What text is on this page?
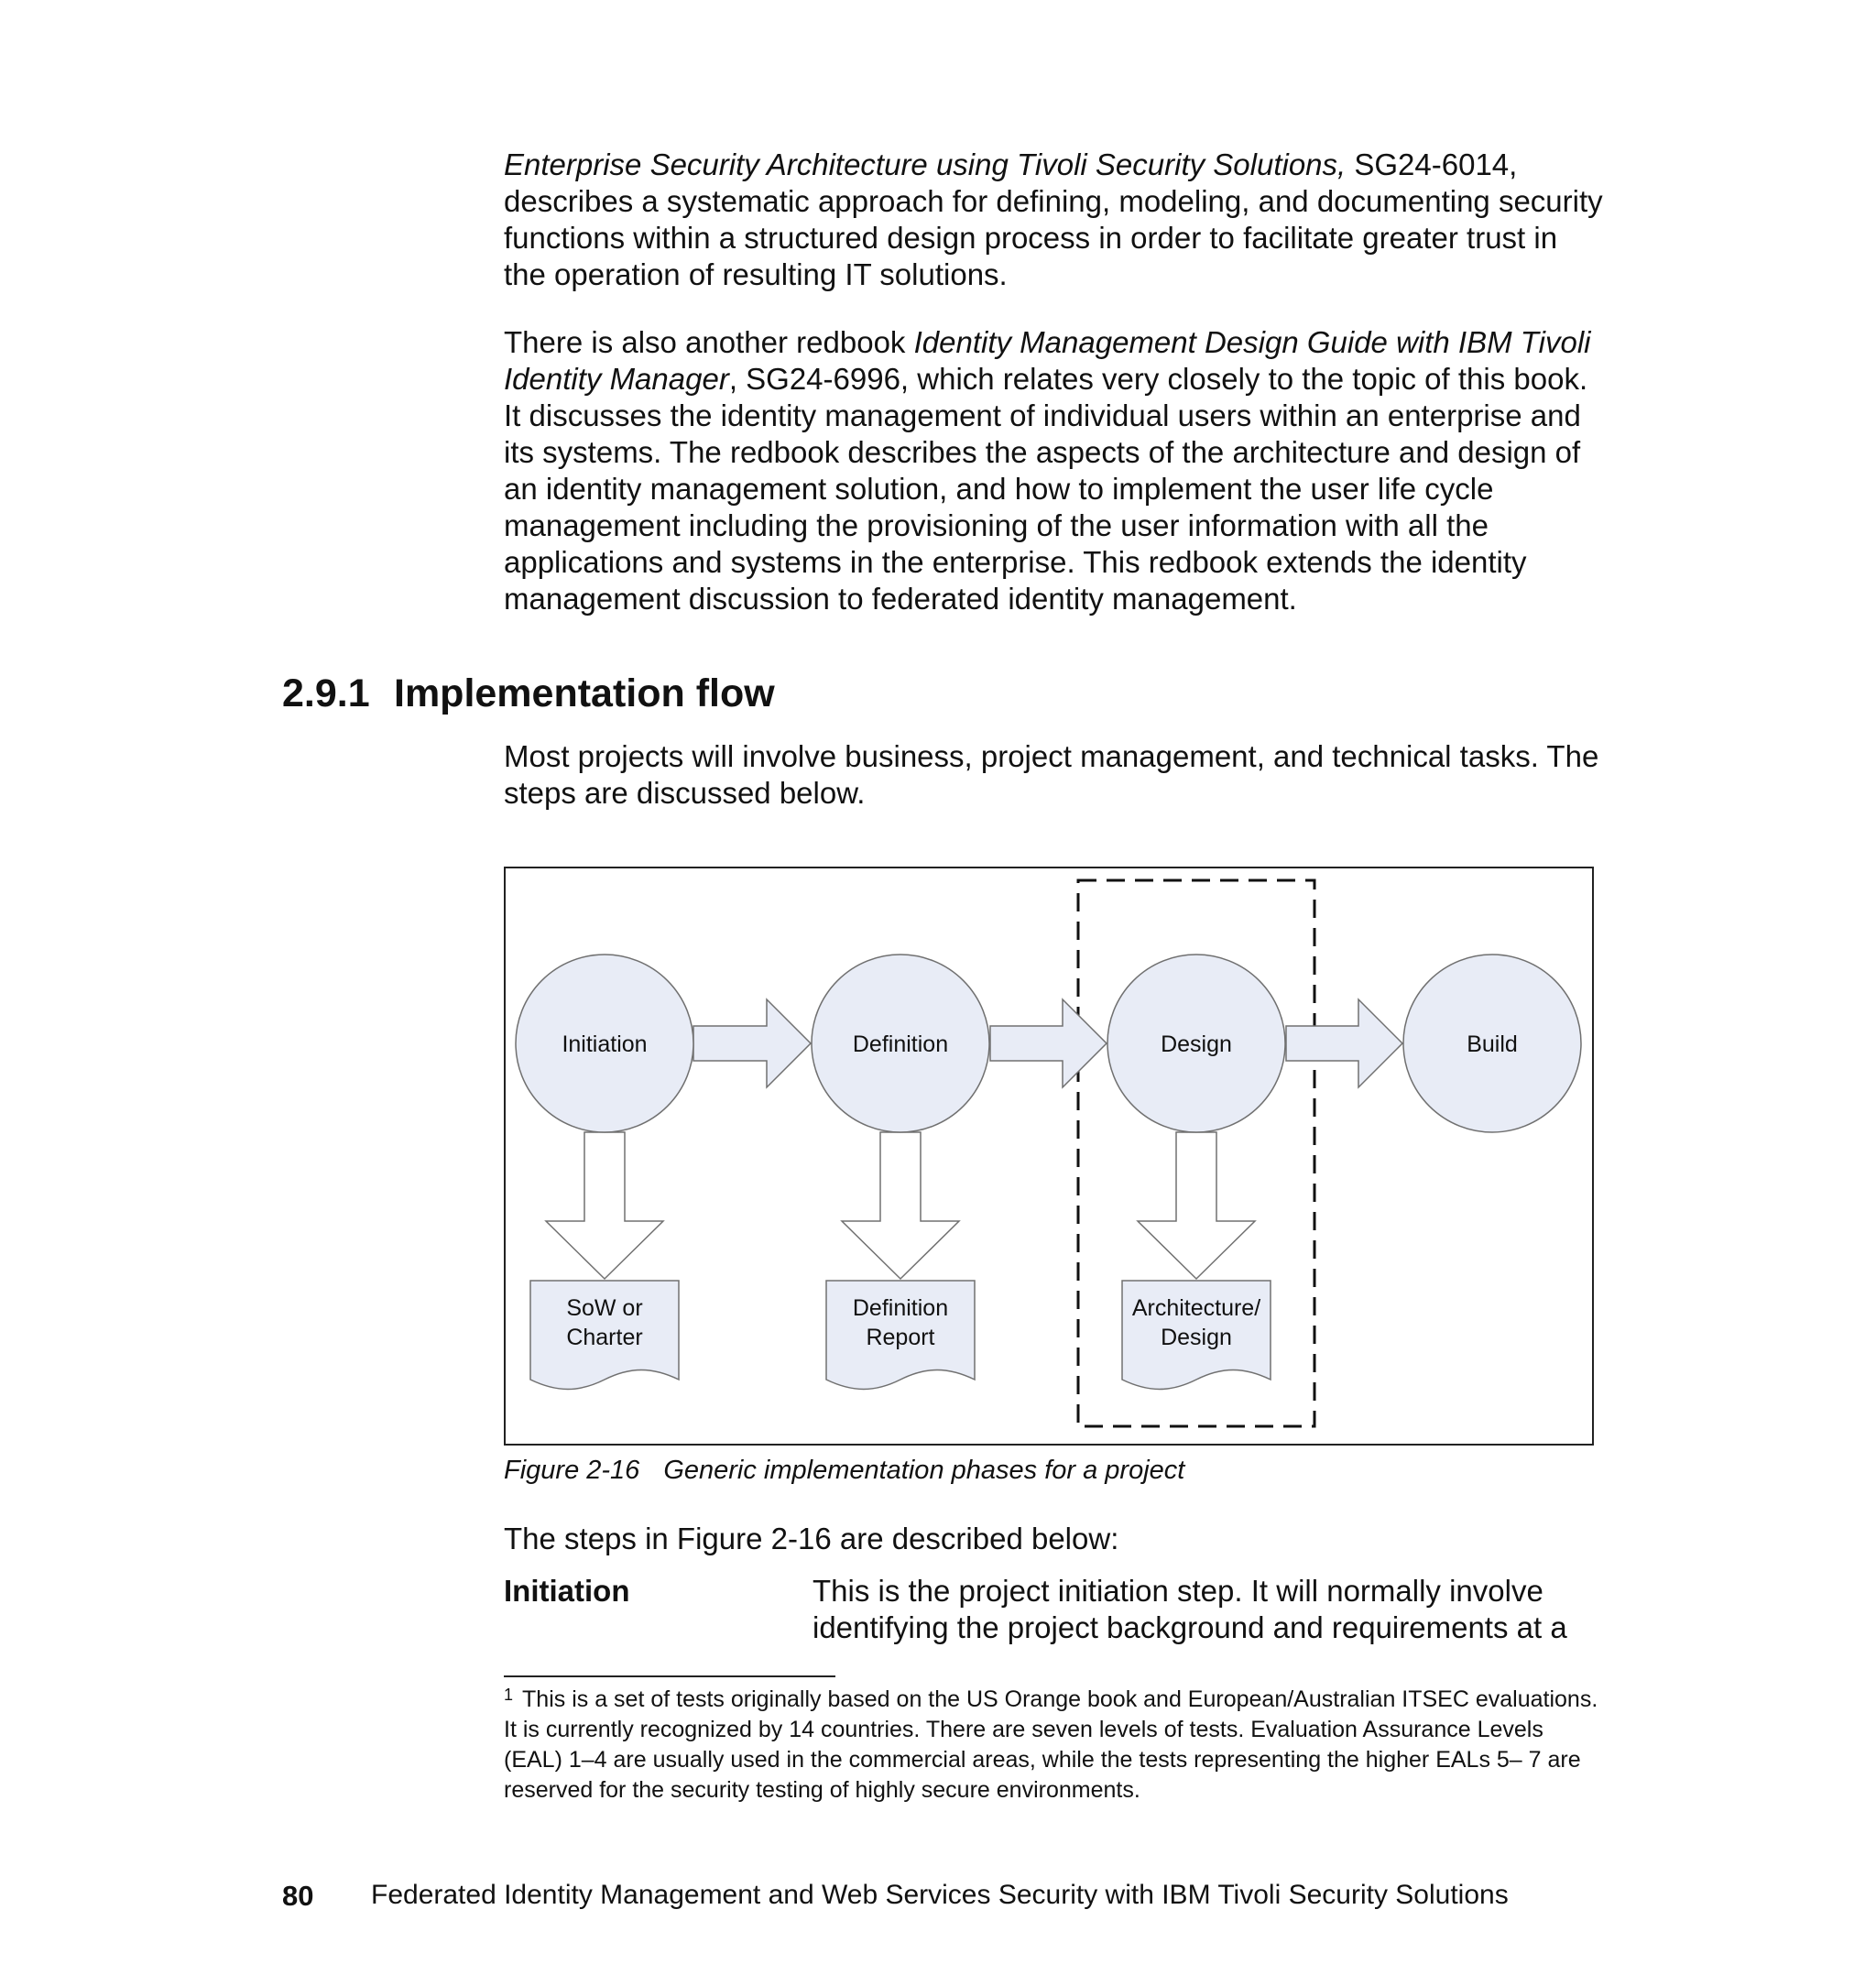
Enterprise Security Architecture using Tivoli Security Solutions, SG24-6014, describes a systematic approach for defining, modeling, and documenting security functions within a structured design process in order to facilitate greater trust in the operation of resulting IT solutions.

There is also another redbook Identity Management Design Guide with IBM Tivoli Identity Manager, SG24-6996, which relates very closely to the topic of this book. It discusses the identity management of individual users within an enterprise and its systems. The redbook describes the aspects of the architecture and design of an identity management solution, and how to implement the user life cycle management including the provisioning of the user information with all the applications and systems in the enterprise. This redbook extends the identity management discussion to federated identity management.

2.9.1 Implementation flow

Most projects will involve business, project management, and technical tasks. The steps are discussed below.

Initiation	Definition	Design	Build
SoW or
Charter
Definition
Report
Architecture/
Design

Figure 2-16 Generic implementation phases for a project

The steps in Figure 2-16 are described below:

Initiation	This is the project initiation step. It will normally involve identifying the project background and requirements at a

$^1$ This is a set of tests originally based on the US Orange book and European/Australian ITSEC evaluations. It is currently recognized by 14 countries. There are seven levels of tests. Evaluation Assurance Levels (EAL) 1–4 are usually used in the commercial areas, while the tests representing the higher EALs 5– 7 are reserved for the security testing of highly secure environments.

80 Federated Identity Management and Web Services Security with IBM Tivoli Security Solutions
